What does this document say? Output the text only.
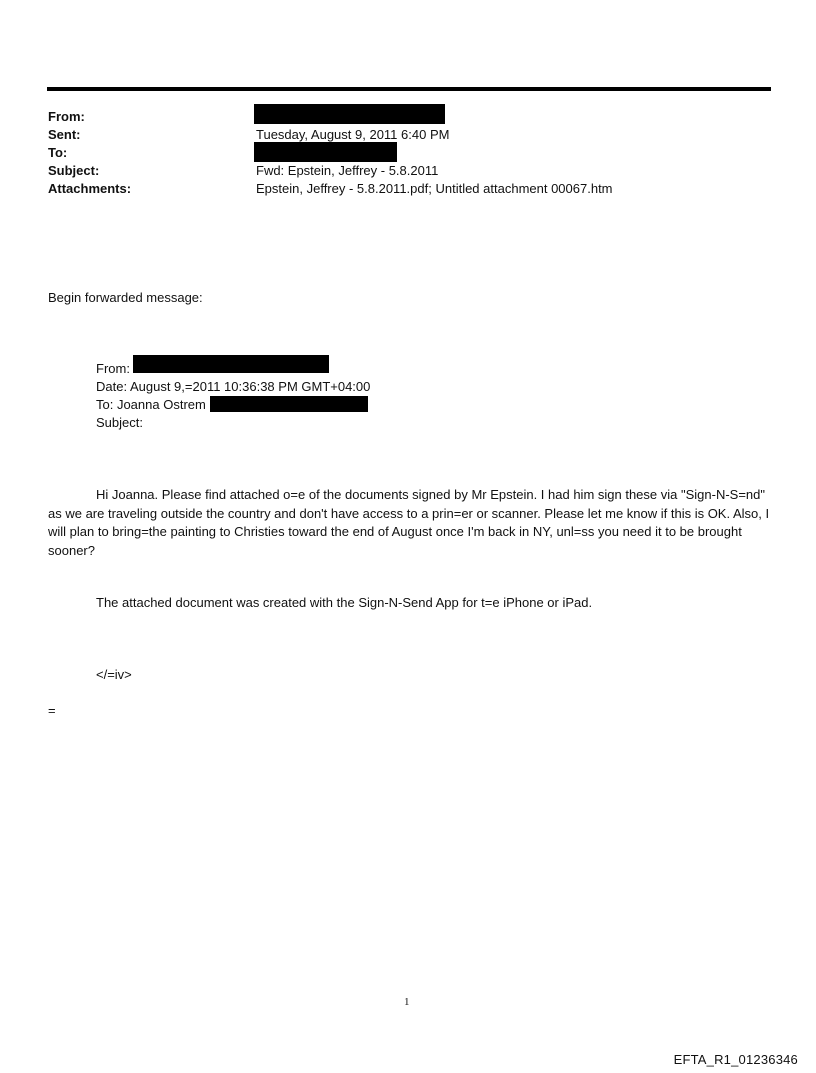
From:
Sent:	Tuesday, August 9, 2011 6:40 PM
To:
Subject:	Fwd: Epstein, Jeffrey - 5.8.2011
Attachments:	Epstein, Jeffrey - 5.8.2011.pdf; Untitled attachment 00067.htm
Begin forwarded message:
From:
Date: August 9,=2011 10:36:38 PM GMT+04:00
To: Joanna Ostrem
Subject:
Hi Joanna. Please find attached o=e of the documents signed by Mr Epstein. I had him sign these via "Sign-N-S=nd" as we are traveling outside the country and don't have access to a prin=er or scanner. Please let me know if this is OK. Also, I will plan to bring=the painting to Christies toward the end of August once I'm back in NY, unl=ss you need it to be brought sooner?
The attached document was created with the Sign-N-Send App for t=e iPhone or iPad.
</=iv>
=
1
EFTA_R1_01236346
